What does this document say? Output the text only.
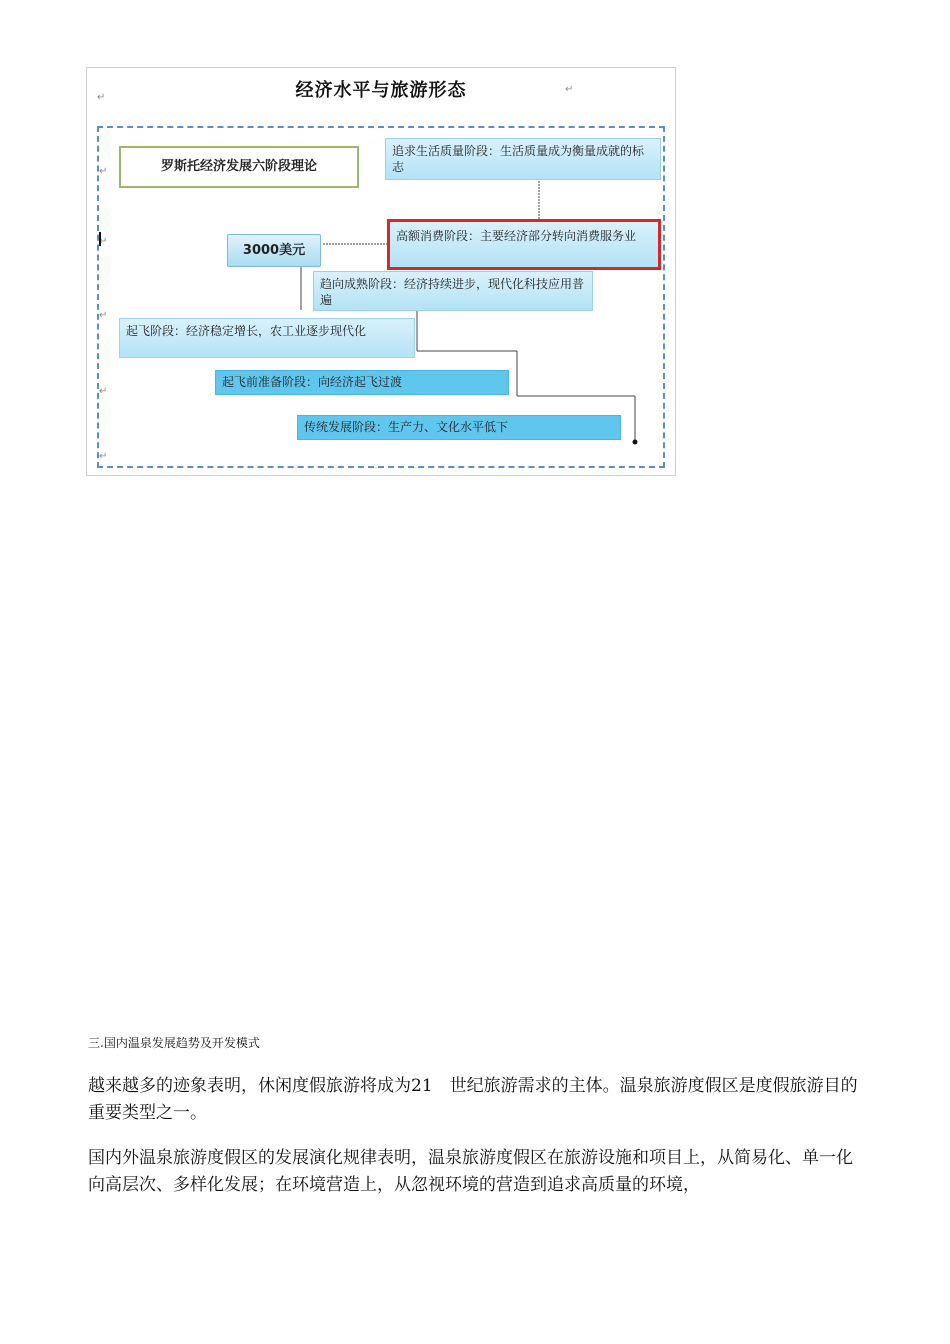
经济水平与旅游形态	↵
↵
↵
↵
↵
↵
↵
罗斯托经济发展六阶段理论
追求生活质量阶段：生活质量成为衡量成就的标志
3000美元
高额消费阶段：主要经济部分转向消费服务业
趋向成熟阶段：经济持续进步，现代化科技应用普遍
起飞阶段：经济稳定增长，农工业逐步现代化
起飞前准备阶段：向经济起飞过渡
传统发展阶段：生产力、文化水平低下
三.国内温泉发展趋势及开发模式
越来越多的迹象表明，休闲度假旅游将成为21　世纪旅游需求的主体。温泉旅游度假区是度假旅游目的重要类型之一。
国内外温泉旅游度假区的发展演化规律表明，温泉旅游度假区在旅游设施和项目上，从简易化、单一化向高层次、多样化发展；在环境营造上，从忽视环境的营造到追求高质量的环境，
